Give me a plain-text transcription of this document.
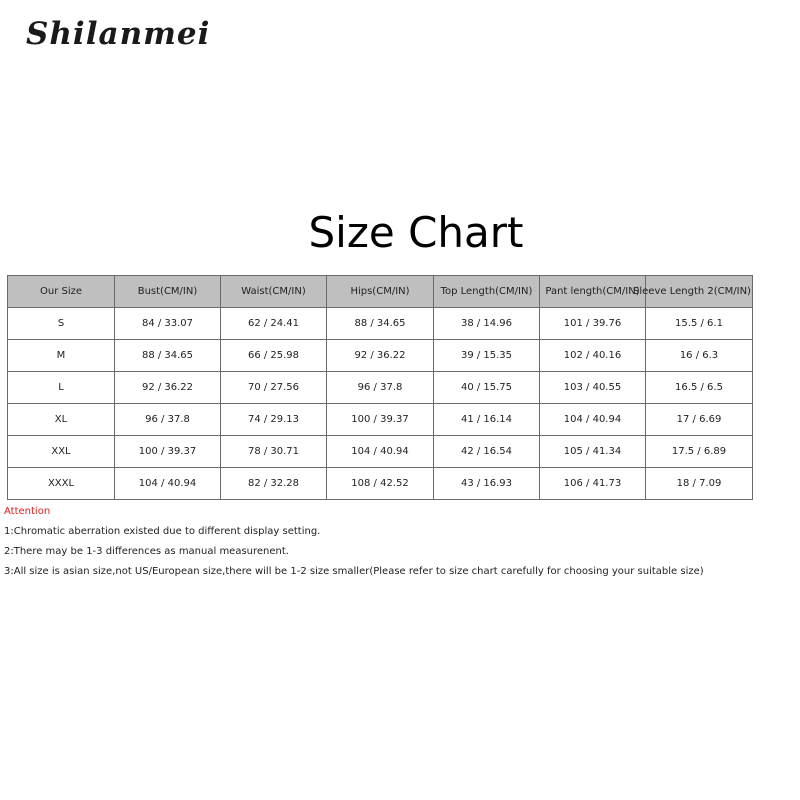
Shilanmei
Size Chart
Our Size	Bust(CM/IN)	Waist(CM/IN)	Hips(CM/IN)	Top Length(CM/IN)	Pant length(CM/IN)	Sleeve Length 2(CM/IN)
S	84 / 33.07	62 / 24.41	88 / 34.65	38 / 14.96	101 / 39.76	15.5 / 6.1
M	88 / 34.65	66 / 25.98	92 / 36.22	39 / 15.35	102 / 40.16	16 / 6.3
L	92 / 36.22	70 / 27.56	96 / 37.8	40 / 15.75	103 / 40.55	16.5 / 6.5
XL	96 / 37.8	74 / 29.13	100 / 39.37	41 / 16.14	104 / 40.94	17 / 6.69
XXL	100 / 39.37	78 / 30.71	104 / 40.94	42 / 16.54	105 / 41.34	17.5 / 6.89
XXXL	104 / 40.94	82 / 32.28	108 / 42.52	43 / 16.93	106 / 41.73	18 / 7.09
Attention
1:Chromatic aberration existed due to different display setting.
2:There may be 1-3 differences as manual measurenent.
3:All size is asian size,not US/European size,there will be 1-2 size smaller(Please refer to size chart carefully for choosing your suitable size)
